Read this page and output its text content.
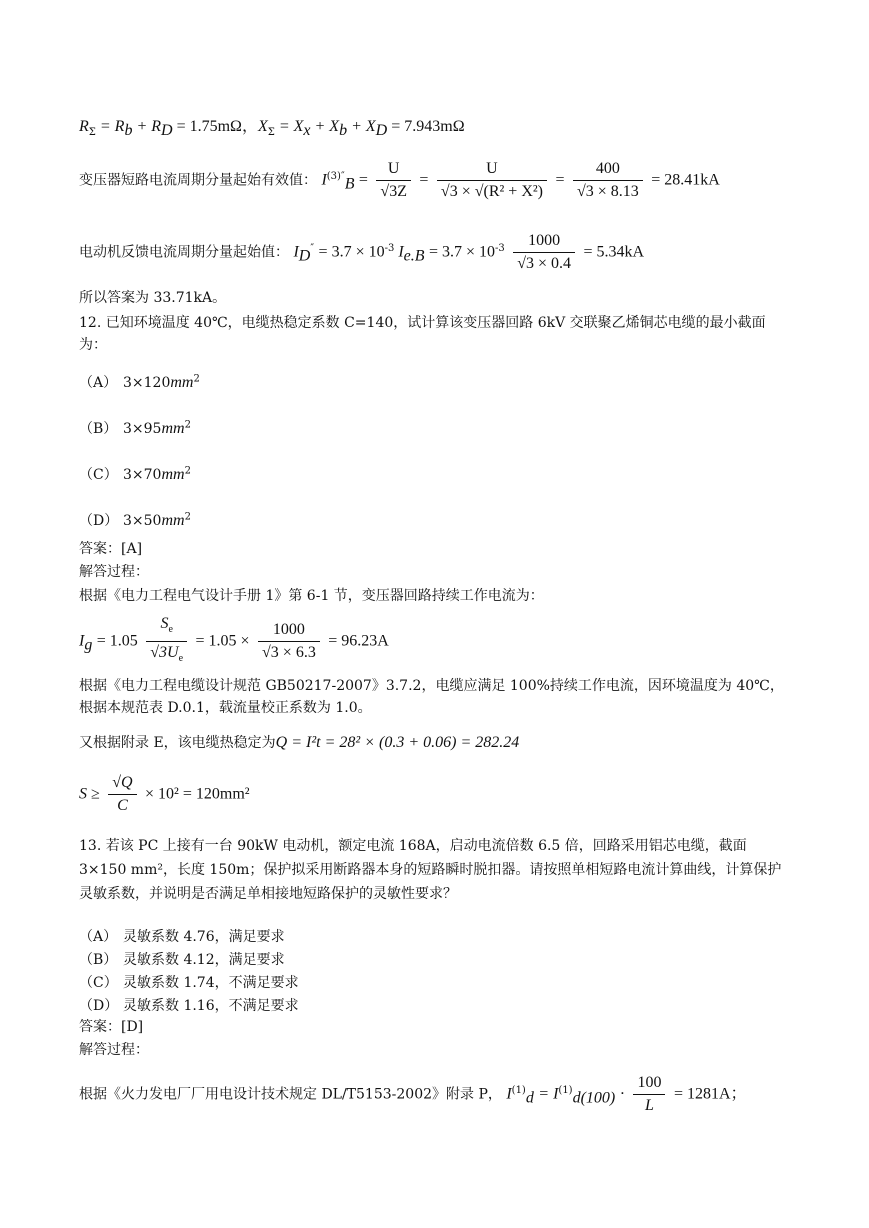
$R_\Sigma = R_b + R_D = 1.75m\Omega$，$X_\Sigma = X_x + X_b + X_D = 7.943m\Omega$
变压器短路电流周期分量起始有效值： $I^{(3)''}_B = \frac{U}{√3Z} = \frac{U}{\text{√3 × √(R² + X²)}} = \frac{400}{√3 \times 8.13} = 28.41kA$
电动机反馈电流周期分量起始值： $I_D'' = 3.7 \times 10^{-3}$ $I_{e.B} = 3.7 \times 10^{-3} \frac{1000}{√3 \times 0.4} = 5.34kA$
所以答案为 33.71kA。
12. 已知环境温度 40℃，电缆热稳定系数 C=140，试计算该变压器回路 6kV 交联聚乙烯铜芯电缆的最小截面为：
（A） $3\times 120mm^2$
（B） $3\times 95mm^2$
（C） $3\times 70mm^2$
（D） $3\times 50mm^2$
答案：[A]
解答过程：
根据《电力工程电气设计手册 1》第 6-1 节，变压器回路持续工作电流为：
$I_g = 1.05 \frac{S_e}{√3U_e} = 1.05 \times \frac{1000}{√3 \times 6.3} = 96.23A$
根据《电力工程电缆设计规范 GB50217-2007》3.7.2，电缆应满足 100%持续工作电流，因环境温度为 40℃，根据本规范表 D.0.1，载流量校正系数为 1.0。
又根据附录 E，该电缆热稳定为Q = I²t = 28² × (0.3 + 0.06) = 282.24
$S \ge \frac{√Q}{C} \times 10^2 = 120mm^2$
13. 若该 PC 上接有一台 90kW 电动机，额定电流 168A，启动电流倍数 6.5 倍，回路采用铝芯电缆，截面 3×150 mm²，长度 150m；保护拟采用断路器本身的短路瞬时脱扣器。请按照单相短路电流计算曲线，计算保护灵敏系数，并说明是否满足单相接地短路保护的灵敏性要求？
（A） 灵敏系数 4.76，满足要求
（B） 灵敏系数 4.12，满足要求
（C） 灵敏系数 1.74，不满足要求
（D） 灵敏系数 1.16，不满足要求
答案：[D]
解答过程：
根据《火力发电厂厂用电设计技术规定 DL/T5153-2002》附录 P， $I^{(1)}_d = I^{(1)}_{d(100)} \cdot \frac{100}{L} = 1281A$；
